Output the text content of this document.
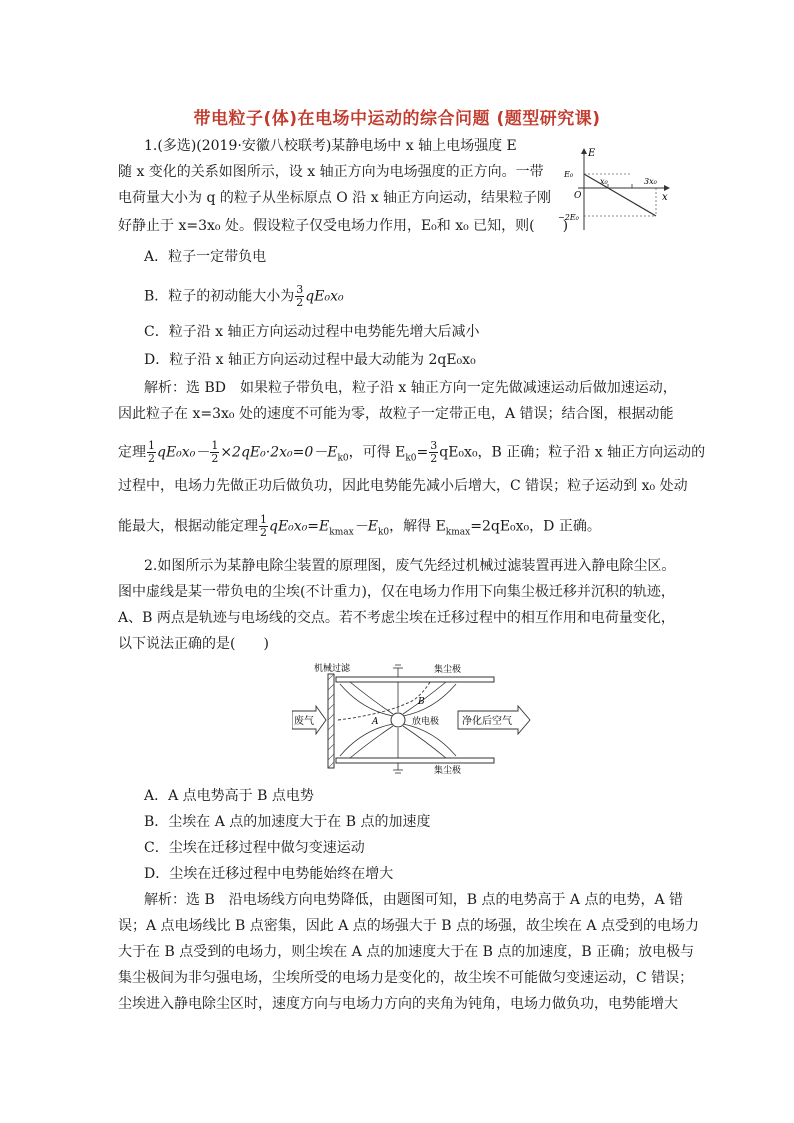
带电粒子(体)在电场中运动的综合问题 (题型研究课)
1.(多选)(2019·安徽八校联考)某静电场中 x 轴上电场强度 E
随 x 变化的关系如图所示，设 x 轴正方向为电场强度的正方向。一带
电荷量大小为 q 的粒子从坐标原点 O 沿 x 轴正方向运动，结果粒子刚
好静止于 x=3x₀ 处。假设粒子仅受电场力作用，E₀和 x₀ 已知，则(　　)
E
x
O
E₀
−2E₀
x₀	3x₀
A．粒子一定带负电
B．粒子的初动能大小为 $\frac{3}{2} qE_0x_0$
C．粒子沿 x 轴正方向运动过程中电势能先增大后减小
D．粒子沿 x 轴正方向运动过程中最大动能为 2qE₀x₀
解析：选 BD　如果粒子带负电，粒子沿 x 轴正方向一定先做减速运动后做加速运动，
因此粒子在 x=3x₀ 处的速度不可能为零，故粒子一定带正电，A 错误；结合图，根据动能
定理 $\frac{1}{2} qE_0x_0- \frac{1}{2} \times 2qE_0\cdot 2x_0=0-E_{k0}$，可得 $E_{k0}= \frac{3}{2} qE_0x_0$，B 正确；粒子沿 x 轴正方向运动的
过程中，电场力先做正功后做负功，因此电势能先减小后增大，C 错误；粒子运动到 x₀ 处动
能最大，根据动能定理 $\frac{1}{2} qE_0x_0=E_{kmax}-E_{k0}$，解得 $E_{kmax}=2qE_0x_0$，D 正确。
2.如图所示为某静电除尘装置的原理图，废气先经过机械过滤装置再进入静电除尘区。
图中虚线是某一带负电的尘埃(不计重力)，仅在电场力作用下向集尘极迁移并沉积的轨迹，
A、B 两点是轨迹与电场线的交点。若不考虑尘埃在迁移过程中的相互作用和电荷量变化，
以下说法正确的是(　　)
废气	净化后空气
机械过滤	集尘极
集尘极
放电极
A
B
A．A 点电势高于 B 点电势
B．尘埃在 A 点的加速度大于在 B 点的加速度
C．尘埃在迁移过程中做匀变速运动
D．尘埃在迁移过程中电势能始终在增大
解析：选 B　沿电场线方向电势降低，由题图可知，B 点的电势高于 A 点的电势，A 错
误；A 点电场线比 B 点密集，因此 A 点的场强大于 B 点的场强，故尘埃在 A 点受到的电场力
大于在 B 点受到的电场力，则尘埃在 A 点的加速度大于在 B 点的加速度，B 正确；放电极与
集尘极间为非匀强电场，尘埃所受的电场力是变化的，故尘埃不可能做匀变速运动，C 错误；
尘埃进入静电除尘区时，速度方向与电场力方向的夹角为钝角，电场力做负功，电势能增大
